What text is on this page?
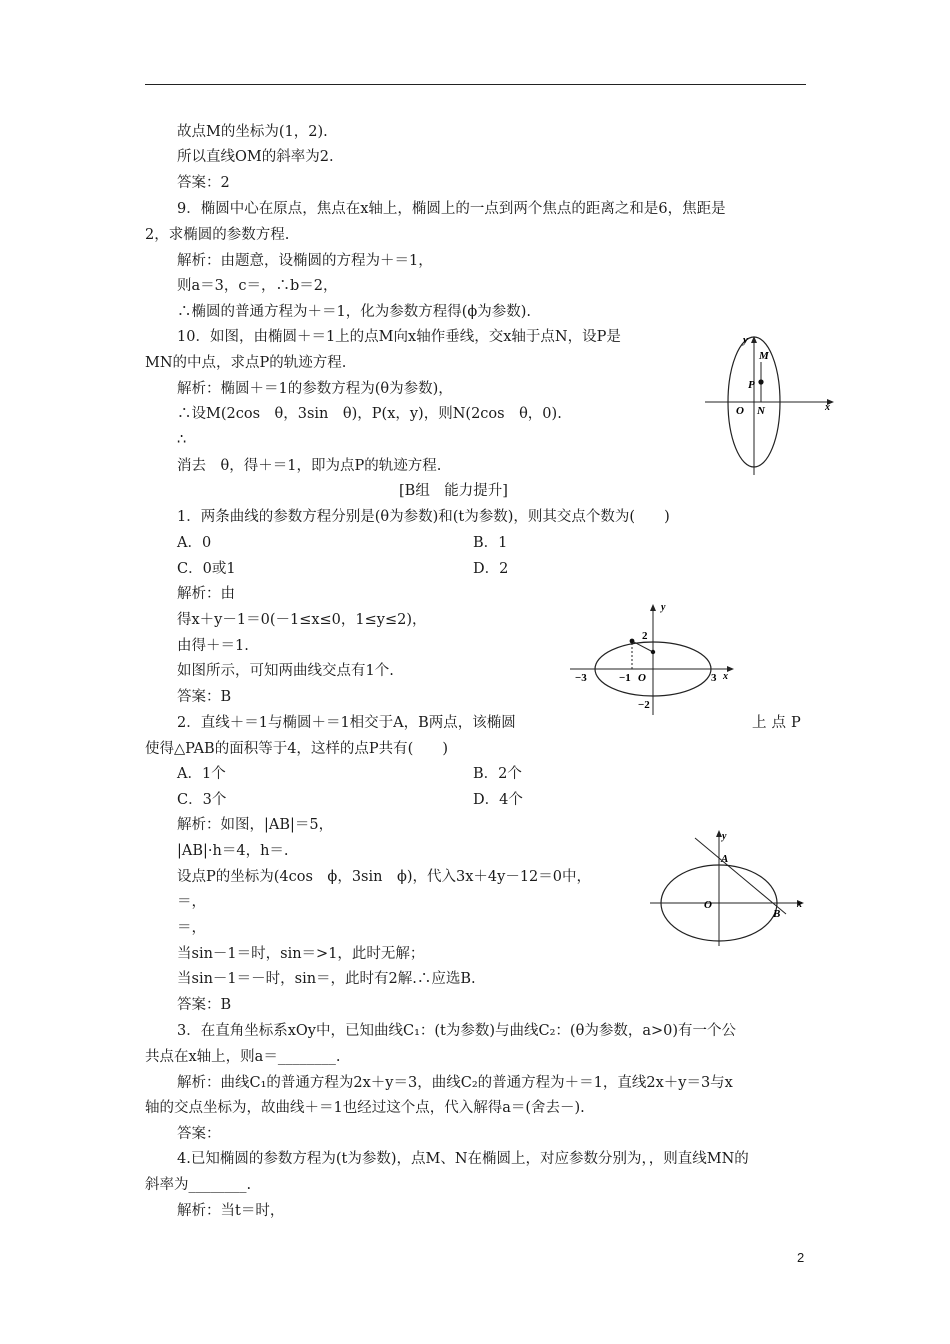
故点M的坐标为(1，2).
所以直线OM的斜率为2.
答案：2
9．椭圆中心在原点，焦点在x轴上，椭圆上的一点到两个焦点的距离之和是6，焦距是
2，求椭圆的参数方程.
解析：由题意，设椭圆的方程为＋＝1，
则a＝3，c＝，∴b＝2，
∴椭圆的普通方程为＋＝1，化为参数方程得(ϕ为参数).
10．如图，由椭圆＋＝1上的点M向x轴作垂线，交x轴于点N，设P是
MN的中点，求点P的轨迹方程.
解析：椭圆＋＝1的参数方程为(θ为参数)，
∴设M(2cos　θ，3sin　θ)，P(x，y)，则N(2cos　θ，0).
∴
消去　θ，得＋＝1，即为点P的轨迹方程.
[B组　能力提升]
1．两条曲线的参数方程分别是(θ为参数)和(t为参数)，则其交点个数为(　　)
A．0	B．1
C．0或1	D．2
解析：由
得x＋y－1＝0(－1≤x≤0，1≤y≤2)，
由得＋＝1.
如图所示，可知两曲线交点有1个.
答案：B
2．直线＋＝1与椭圆＋＝1相交于A，B两点，该椭圆	上点P
使得△PAB的面积等于4，这样的点P共有(　　)
A．1个	B．2个
C．3个	D．4个
解析：如图，|AB|＝5，
|AB|·h＝4，h＝.
设点P的坐标为(4cos　ϕ，3sin　ϕ)，代入3x＋4y－12＝0中，
＝，
＝，
当sin－1＝时，sin＝>1，此时无解；
当sin－1＝－时，sin＝，此时有2解.∴应选B.
答案：B
3．在直角坐标系xOy中，已知曲线C₁：(t为参数)与曲线C₂：(θ为参数，a>0)有一个公
共点在x轴上，则a＝________.
解析：曲线C₁的普通方程为2x＋y＝3，曲线C₂的普通方程为＋＝1，直线2x＋y＝3与x
轴的交点坐标为，故曲线＋＝1也经过这个点，代入解得a＝(舍去－).
答案：
4.已知椭圆的参数方程为(t为参数)，点M、N在椭圆上，对应参数分别为，，则直线MN的
斜率为________.
解析：当t＝时，
y
M
P
O N	x
y
2
−3	−1 O	3 x
−2
y
A
O
B
x
2
